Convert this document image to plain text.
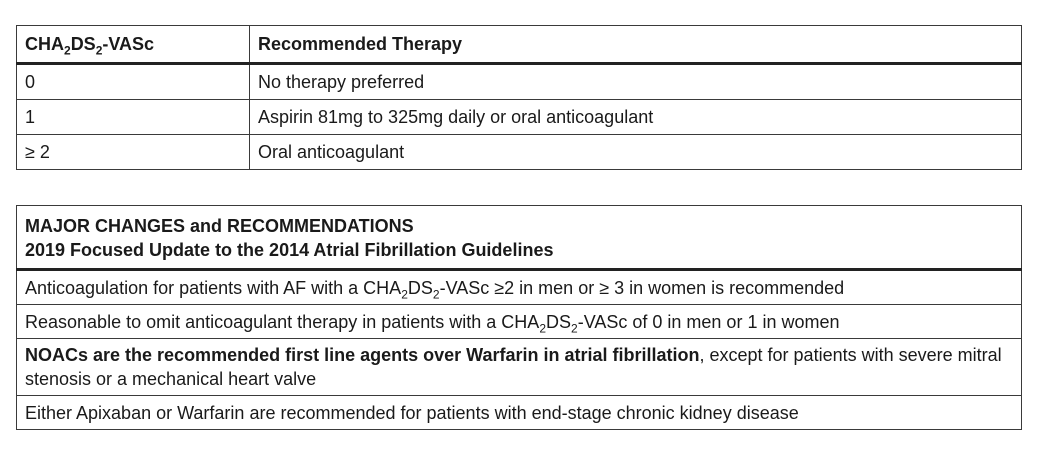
$CHA_2DS_2$-VASc	Recommended Therapy
0	No therapy preferred
1	Aspirin 81mg to 325mg daily or oral anticoagulant
≥ 2	Oral anticoagulant
MAJOR CHANGES and RECOMMENDATIONS
2019 Focused Update to the 2014 Atrial Fibrillation Guidelines

Anticoagulation for patients with AF with a $CHA_2DS_2$-VASc ≥2 in men or ≥ 3 in women is recommended
Reasonable to omit anticoagulant therapy in patients with a $CHA_2DS_2$-VASc of 0 in men or 1 in women
NOACs are the recommended first line agents over Warfarin in atrial fibrillation, except for patients with severe mitral stenosis or a mechanical heart valve
Either Apixaban or Warfarin are recommended for patients with end-stage chronic kidney disease
